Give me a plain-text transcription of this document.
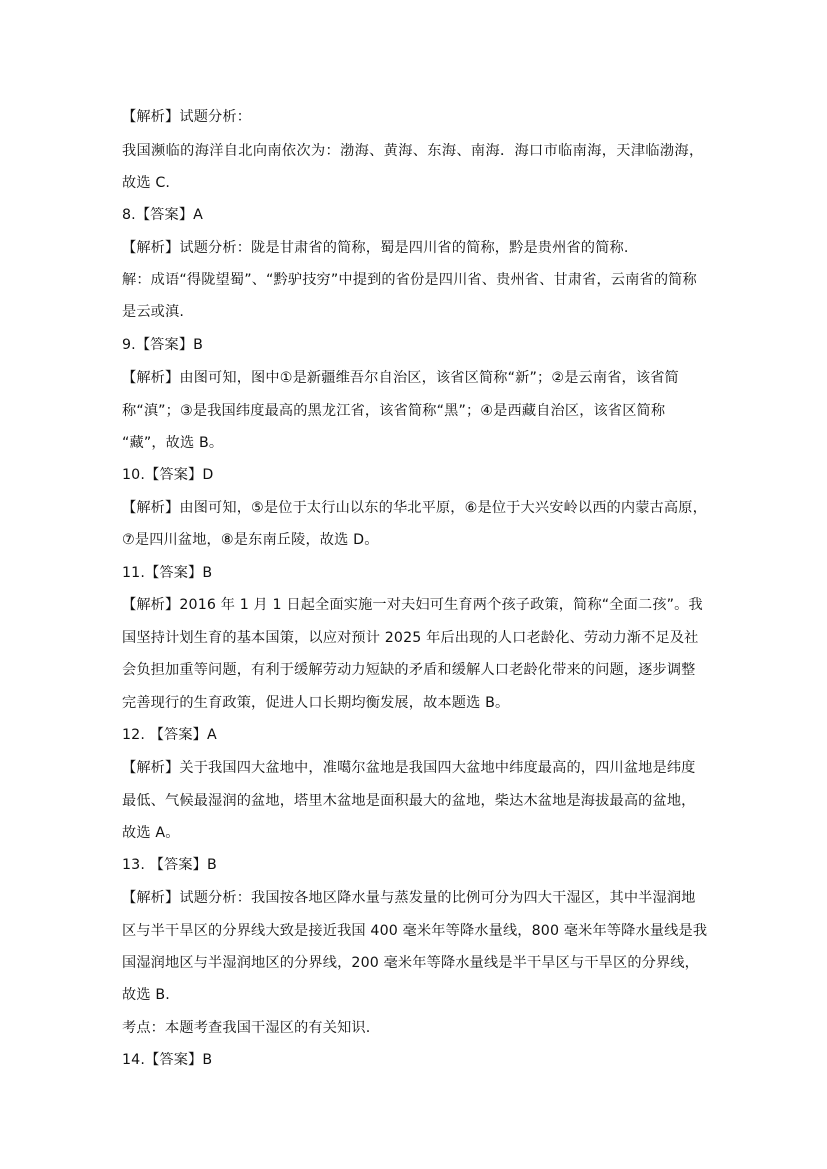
【解析】试题分析：
我国濒临的海洋自北向南依次为：渤海、黄海、东海、南海．海口市临南海，天津临渤海，
故选 C.
8.【答案】A
【解析】试题分析：陇是甘肃省的简称，蜀是四川省的简称，黔是贵州省的简称.
解：成语“得陇望蜀”、“黔驴技穷”中提到的省份是四川省、贵州省、甘肃省，云南省的简称
是云或滇.
9.【答案】B
【解析】由图可知，图中①是新疆维吾尔自治区，该省区简称“新”；②是云南省，该省简
称“滇”；③是我国纬度最高的黑龙江省，该省简称“黑”；④是西藏自治区，该省区简称
“藏”，故选 B。
10.【答案】D
【解析】由图可知，⑤是位于太行山以东的华北平原，⑥是位于大兴安岭以西的内蒙古高原，
⑦是四川盆地，⑧是东南丘陵，故选 D。
11.【答案】B
【解析】2016 年 1 月 1 日起全面实施一对夫妇可生育两个孩子政策，简称“全面二孩”。我
国坚持计划生育的基本国策，以应对预计 2025 年后出现的人口老龄化、劳动力渐不足及社
会负担加重等问题，有利于缓解劳动力短缺的矛盾和缓解人口老龄化带来的问题，逐步调整
完善现行的生育政策，促进人口长期均衡发展，故本题选 B。
12. 【答案】A
【解析】关于我国四大盆地中，准噶尔盆地是我国四大盆地中纬度最高的，四川盆地是纬度
最低、气候最湿润的盆地，塔里木盆地是面积最大的盆地，柴达木盆地是海拔最高的盆地，
故选 A。
13. 【答案】B
【解析】试题分析：我国按各地区降水量与蒸发量的比例可分为四大干湿区，其中半湿润地
区与半干旱区的分界线大致是接近我国 400 毫米年等降水量线，800 毫米年等降水量线是我
国湿润地区与半湿润地区的分界线，200 毫米年等降水量线是半干旱区与干旱区的分界线，
故选 B.
考点：本题考查我国干湿区的有关知识.
14.【答案】B
